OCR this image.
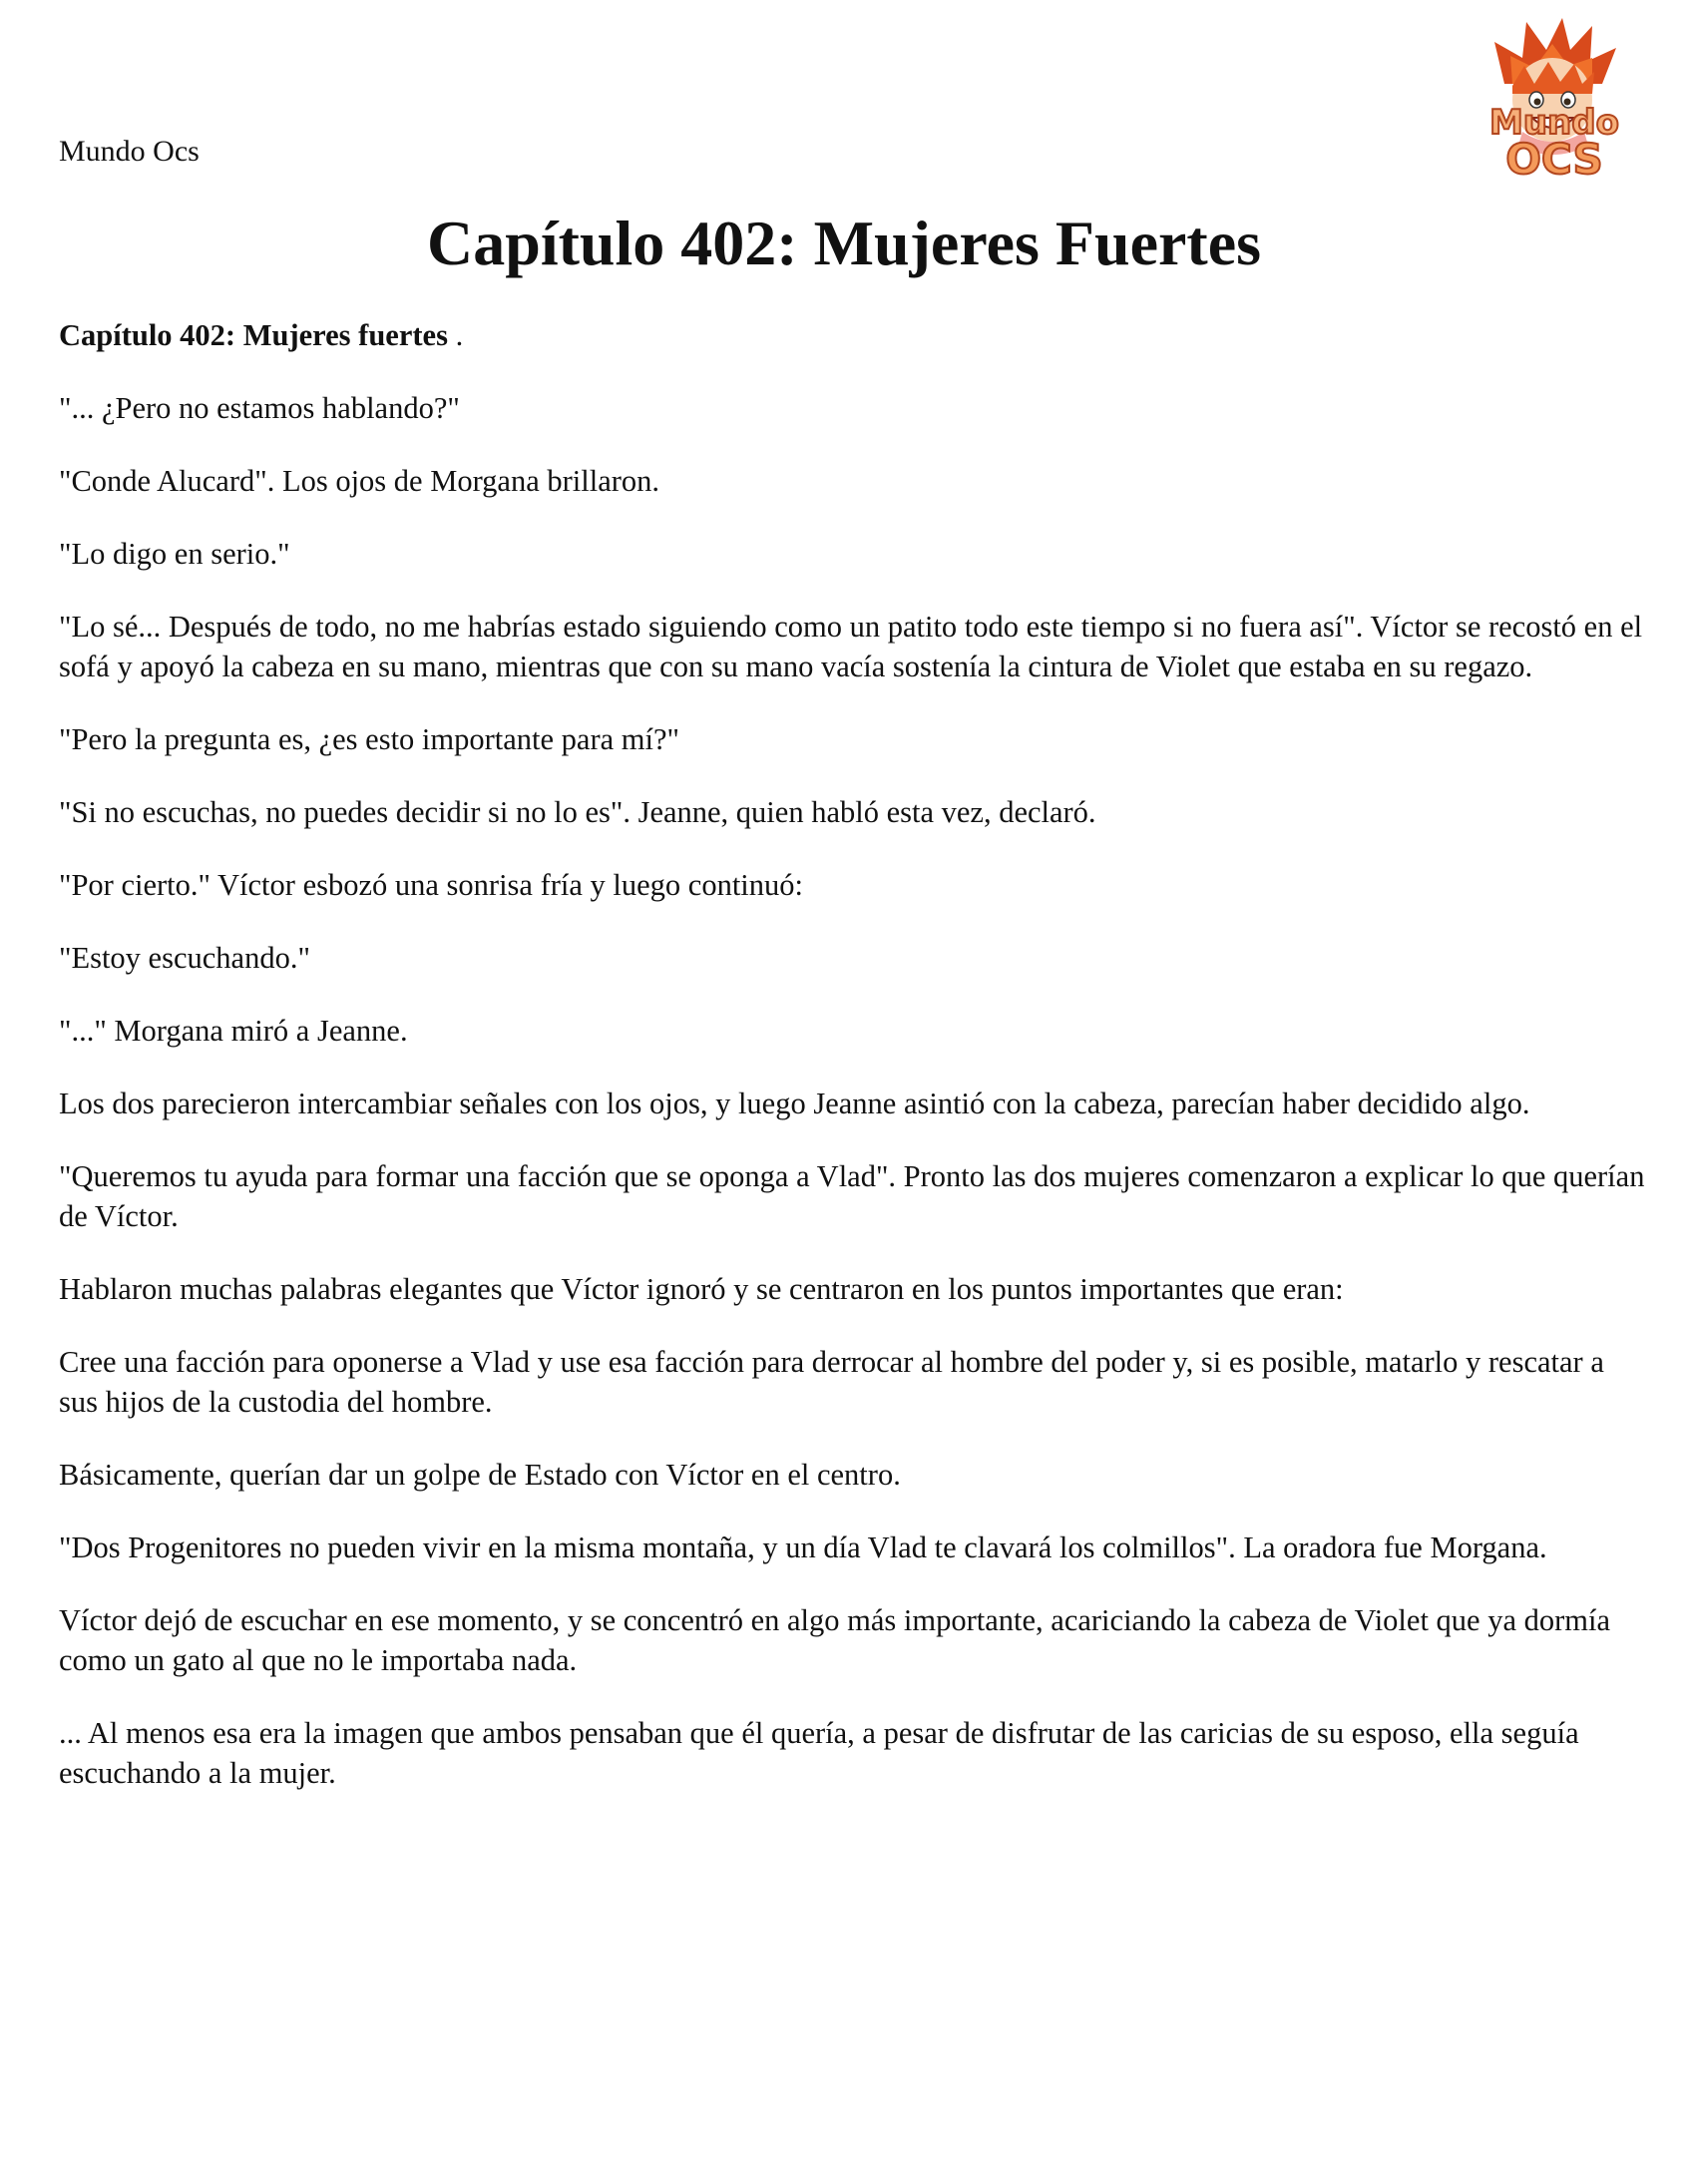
Mundo Ocs
Mundo
OCS
Capítulo 402: Mujeres Fuertes

Capítulo 402: Mujeres fuertes .

"... ¿Pero no estamos hablando?"

"Conde Alucard". Los ojos de Morgana brillaron.

"Lo digo en serio."

"Lo sé... Después de todo, no me habrías estado siguiendo como un patito todo este tiempo si no fuera así". Víctor se recostó en el sofá y apoyó la cabeza en su mano, mientras que con su mano vacía sostenía la cintura de Violet que estaba en su regazo.

"Pero la pregunta es, ¿es esto importante para mí?"

"Si no escuchas, no puedes decidir si no lo es". Jeanne, quien habló esta vez, declaró.

"Por cierto." Víctor esbozó una sonrisa fría y luego continuó:

"Estoy escuchando."

"..." Morgana miró a Jeanne.

Los dos parecieron intercambiar señales con los ojos, y luego Jeanne asintió con la cabeza, parecían haber decidido algo.

"Queremos tu ayuda para formar una facción que se oponga a Vlad". Pronto las dos mujeres comenzaron a explicar lo que querían de Víctor.

Hablaron muchas palabras elegantes que Víctor ignoró y se centraron en los puntos importantes que eran:

Cree una facción para oponerse a Vlad y use esa facción para derrocar al hombre del poder y, si es posible, matarlo y rescatar a sus hijos de la custodia del hombre.

Básicamente, querían dar un golpe de Estado con Víctor en el centro.

"Dos Progenitores no pueden vivir en la misma montaña, y un día Vlad te clavará los colmillos". La oradora fue Morgana.

Víctor dejó de escuchar en ese momento, y se concentró en algo más importante, acariciando la cabeza de Violet que ya dormía como un gato al que no le importaba nada.

... Al menos esa era la imagen que ambos pensaban que él quería, a pesar de disfrutar de las caricias de su esposo, ella seguía escuchando a la mujer.
